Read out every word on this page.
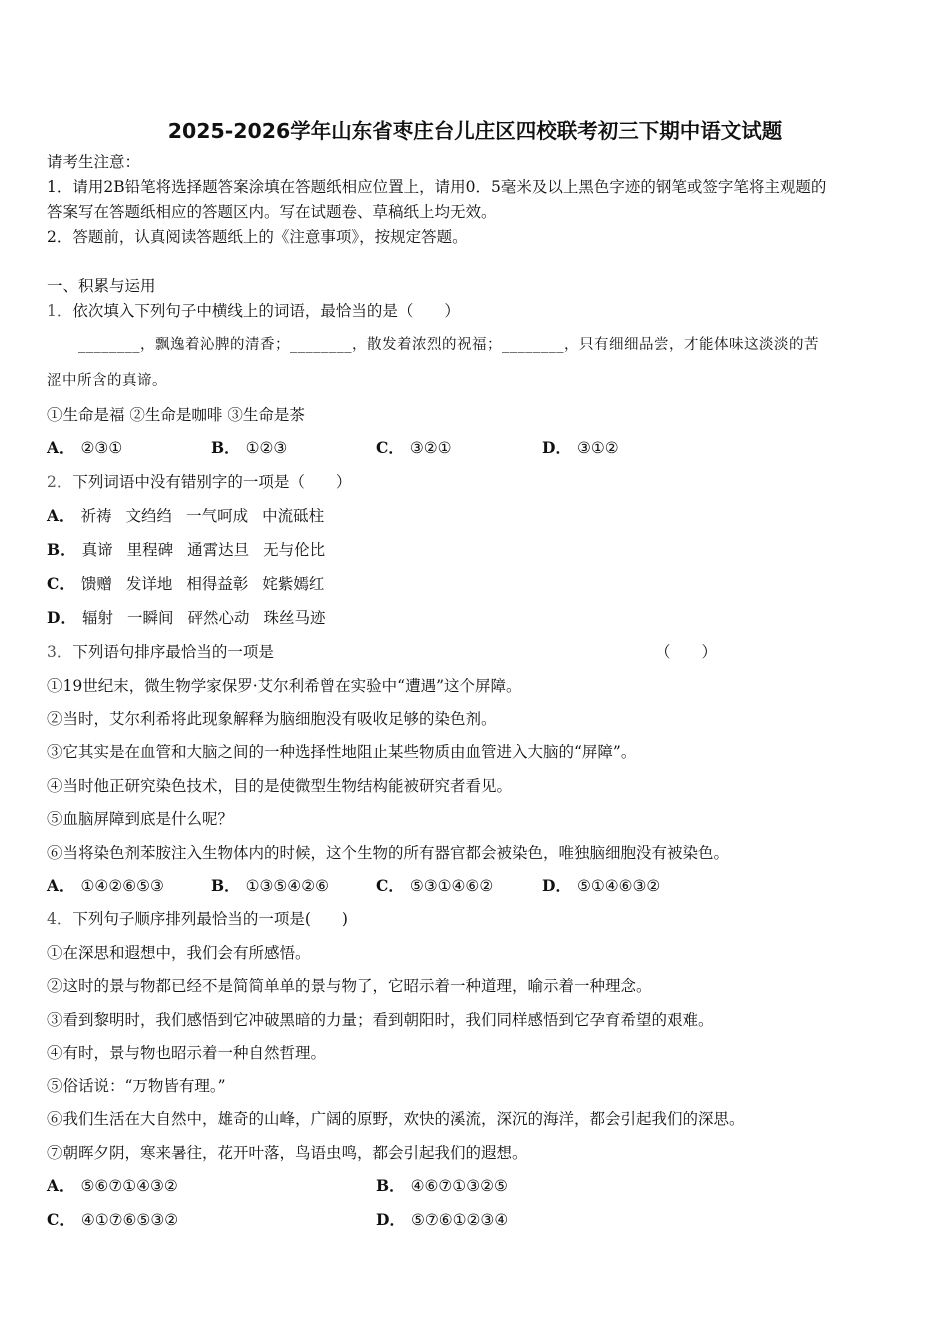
2025-2026学年山东省枣庄台儿庄区四校联考初三下期中语文试题
请考生注意：
1．请用2B铅笔将选择题答案涂填在答题纸相应位置上，请用0．5毫米及以上黑色字迹的钢笔或签字笔将主观题的
答案写在答题纸相应的答题区内。写在试题卷、草稿纸上均无效。
2．答题前，认真阅读答题纸上的《注意事项》，按规定答题。
一、积累与运用
1．依次填入下列句子中横线上的词语，最恰当的是（　　）
________，飘逸着沁脾的清香；________，散发着浓烈的祝福；________，只有细细品尝，才能体味这淡淡的苦
涩中所含的真谛。
①生命是福 ②生命是咖啡 ③生命是茶
A． ②③①	B． ①②③	C． ③②①	D． ③①②
2．下列词语中没有错别字的一项是（　　）
A． 祈祷 文绉绉 一气呵成 中流砥柱
B． 真谛 里程碑 通霄达旦 无与伦比
C． 馈赠 发详地 相得益彰 姹紫嫣红
D． 辐射 一瞬间 砰然心动 珠丝马迹
3．下列语句排序最恰当的一项是	（　　）
①19世纪末，微生物学家保罗·艾尔利希曾在实验中“遭遇”这个屏障。
②当时，艾尔利希将此现象解释为脑细胞没有吸收足够的染色剂。
③它其实是在血管和大脑之间的一种选择性地阻止某些物质由血管进入大脑的“屏障”。
④当时他正研究染色技术，目的是使微型生物结构能被研究者看见。
⑤血脑屏障到底是什么呢？
⑥当将染色剂苯胺注入生物体内的时候，这个生物的所有器官都会被染色，唯独脑细胞没有被染色。
A． ①④②⑥⑤③	B． ①③⑤④②⑥	C． ⑤③①④⑥②	D． ⑤①④⑥③②
4．下列句子顺序排列最恰当的一项是(　　)
①在深思和遐想中，我们会有所感悟。
②这时的景与物都已经不是简简单单的景与物了，它昭示着一种道理，喻示着一种理念。
③看到黎明时，我们感悟到它冲破黑暗的力量；看到朝阳时，我们同样感悟到它孕育希望的艰难。
④有时，景与物也昭示着一种自然哲理。
⑤俗话说：“万物皆有理。”
⑥我们生活在大自然中，雄奇的山峰，广阔的原野，欢快的溪流，深沉的海洋，都会引起我们的深思。
⑦朝晖夕阴，寒来暑往，花开叶落，鸟语虫鸣，都会引起我们的遐想。
A． ⑤⑥⑦①④③②	B． ④⑥⑦①③②⑤
C． ④①⑦⑥⑤③②	D． ⑤⑦⑥①②③④
